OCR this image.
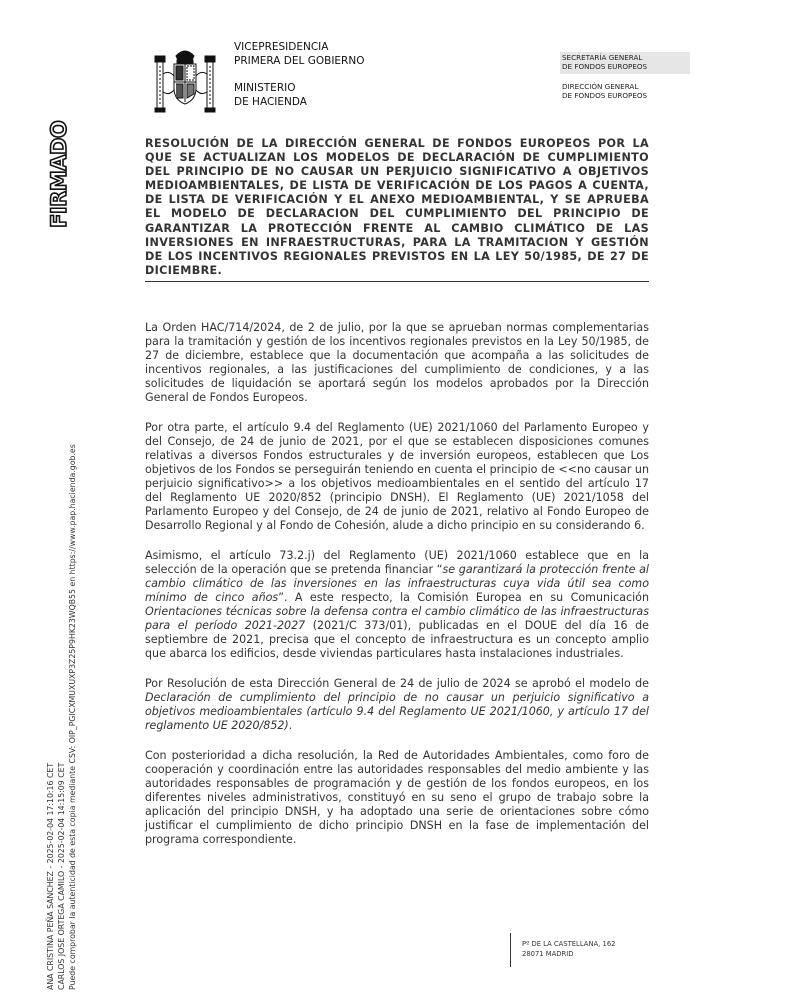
FIRMADO
ANA CRISTINA PEÑA SANCHEZ - 2025-02-04 17:10:16 CET CARLOS JOSE ORTEGA CAMILO - 2025-02-04 14:15:09 CET Puede comprobar la autenticidad de esta copia mediante CSV: OIP_PGICXMUXUXP3Z25P9HK23WQB55 en https://www.pap.hacienda.gob.es
VICEPRESIDENCIA
PRIMERA DEL GOBIERNO
MINISTERIO
DE HACIENDA
SECRETARÍA GENERAL
DE FONDOS EUROPEOS
DIRECCIÓN GENERAL
DE FONDOS EUROPEOS
RESOLUCIÓN DE LA DIRECCIÓN GENERAL DE FONDOS EUROPEOS POR LA QUE SE ACTUALIZAN LOS MODELOS DE DECLARACIÓN DE CUMPLIMIENTO DEL PRINCIPIO DE NO CAUSAR UN PERJUICIO SIGNIFICATIVO A OBJETIVOS MEDIOAMBIENTALES, DE LISTA DE VERIFICACIÓN DE LOS PAGOS A CUENTA, DE LISTA DE VERIFICACIÓN Y EL ANEXO MEDIOAMBIENTAL, Y SE APRUEBA EL MODELO DE DECLARACION DEL CUMPLIMIENTO DEL PRINCIPIO DE GARANTIZAR LA PROTECCIÓN FRENTE AL CAMBIO CLIMÁTICO DE LAS INVERSIONES EN INFRAESTRUCTURAS, PARA LA TRAMITACION Y GESTIÓN DE LOS INCENTIVOS REGIONALES PREVISTOS EN LA LEY 50/1985, DE 27 DE DICIEMBRE.

La Orden HAC/714/2024, de 2 de julio, por la que se aprueban normas complementarias para la tramitación y gestión de los incentivos regionales previstos en la Ley 50/1985, de 27 de diciembre, establece que la documentación que acompaña a las solicitudes de incentivos regionales, a las justificaciones del cumplimiento de condiciones, y a las solicitudes de liquidación se aportará según los modelos aprobados por la Dirección General de Fondos Europeos.

Por otra parte, el artículo 9.4 del Reglamento (UE) 2021/1060 del Parlamento Europeo y del Consejo, de 24 de junio de 2021, por el que se establecen disposiciones comunes relativas a diversos Fondos estructurales y de inversión europeos, establecen que Los objetivos de los Fondos se perseguirán teniendo en cuenta el principio de <<no causar un perjuicio significativo>> a los objetivos medioambientales en el sentido del artículo 17 del Reglamento UE 2020/852 (principio DNSH). El Reglamento (UE) 2021/1058 del Parlamento Europeo y del Consejo, de 24 de junio de 2021, relativo al Fondo Europeo de Desarrollo Regional y al Fondo de Cohesión, alude a dicho principio en su considerando 6.

Asimismo, el artículo 73.2.j) del Reglamento (UE) 2021/1060 establece que en la selección de la operación que se pretenda financiar “se garantizará la protección frente al cambio climático de las inversiones en las infraestructuras cuya vida útil sea como mínimo de cinco años”. A este respecto, la Comisión Europea en su Comunicación Orientaciones técnicas sobre la defensa contra el cambio climático de las infraestructuras para el período 2021-2027 (2021/C 373/01), publicadas en el DOUE del día 16 de septiembre de 2021, precisa que el concepto de infraestructura es un concepto amplio que abarca los edificios, desde viviendas particulares hasta instalaciones industriales.

Por Resolución de esta Dirección General de 24 de julio de 2024 se aprobó el modelo de Declaración de cumplimiento del principio de no causar un perjuicio significativo a objetivos medioambientales (artículo 9.4 del Reglamento UE 2021/1060, y artículo 17 del reglamento UE 2020/852).

Con posterioridad a dicha resolución, la Red de Autoridades Ambientales, como foro de cooperación y coordinación entre las autoridades responsables del medio ambiente y las autoridades responsables de programación y de gestión de los fondos europeos, en los diferentes niveles administrativos, constituyó en su seno el grupo de trabajo sobre la aplicación del principio DNSH, y ha adoptado una serie de orientaciones sobre cómo justificar el cumplimiento de dicho principio DNSH en la fase de implementación del programa correspondiente.

Pº DE LA CASTELLANA, 162
28071 MADRID
